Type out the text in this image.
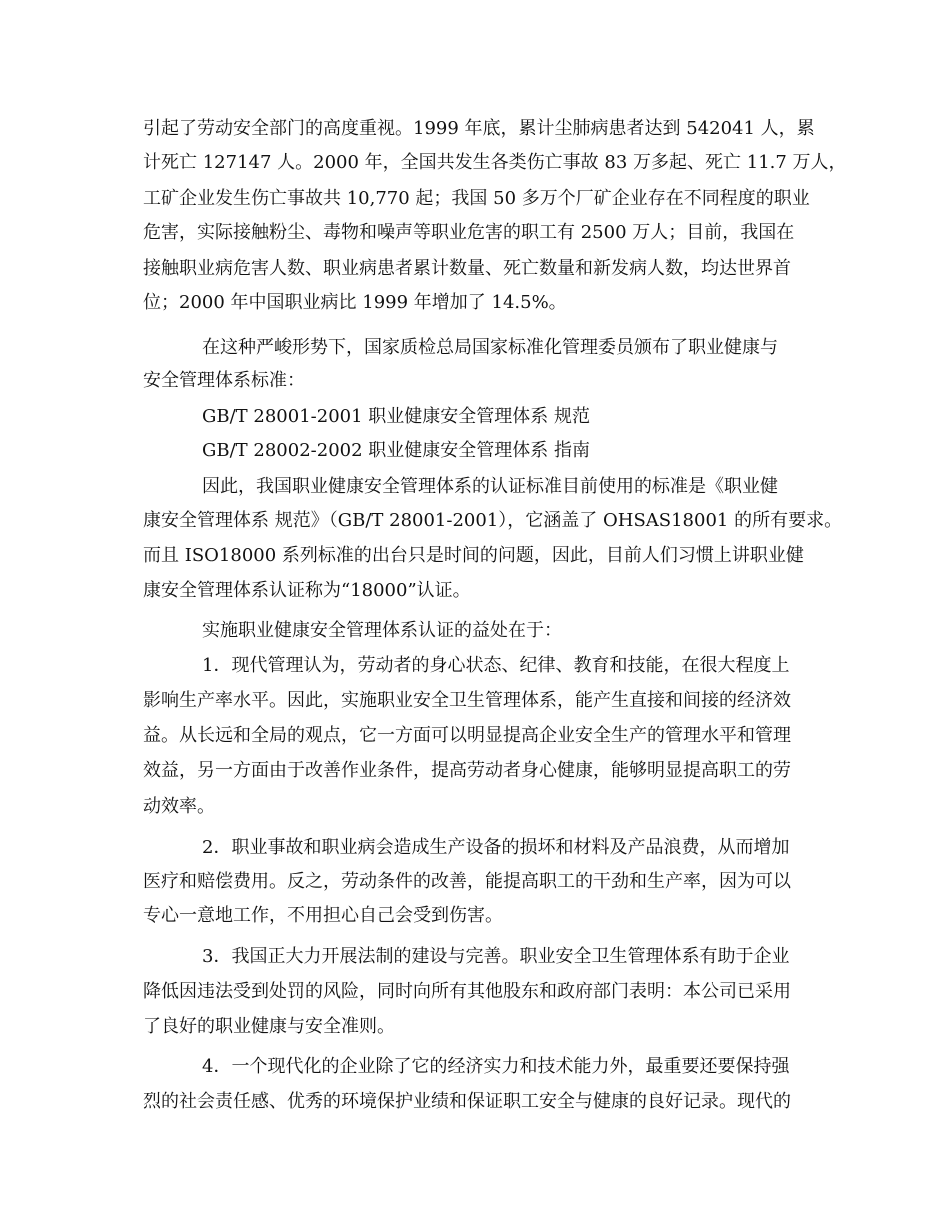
引起了劳动安全部门的高度重视。1999 年底，累计尘肺病患者达到 542041 人，累
计死亡 127147 人。2000 年，全国共发生各类伤亡事故 83 万多起、死亡 11.7 万人，
工矿企业发生伤亡事故共 10,770 起；我国 50 多万个厂矿企业存在不同程度的职业
危害，实际接触粉尘、毒物和噪声等职业危害的职工有 2500 万人；目前，我国在
接触职业病危害人数、职业病患者累计数量、死亡数量和新发病人数，均达世界首
位；2000 年中国职业病比 1999 年增加了 14.5%。
在这种严峻形势下，国家质检总局国家标准化管理委员颁布了职业健康与
安全管理体系标准：
GB/T 28001-2001 职业健康安全管理体系 规范
GB/T 28002-2002 职业健康安全管理体系 指南
因此，我国职业健康安全管理体系的认证标准目前使用的标准是《职业健
康安全管理体系 规范》（GB/T 28001-2001），它涵盖了 OHSAS18001 的所有要求。
而且 ISO18000 系列标准的出台只是时间的问题，因此，目前人们习惯上讲职业健
康安全管理体系认证称为“18000”认证。
实施职业健康安全管理体系认证的益处在于：
1．现代管理认为，劳动者的身心状态、纪律、教育和技能，在很大程度上
影响生产率水平。因此，实施职业安全卫生管理体系，能产生直接和间接的经济效
益。从长远和全局的观点，它一方面可以明显提高企业安全生产的管理水平和管理
效益，另一方面由于改善作业条件，提高劳动者身心健康，能够明显提高职工的劳
动效率。
2．职业事故和职业病会造成生产设备的损坏和材料及产品浪费，从而增加
医疗和赔偿费用。反之，劳动条件的改善，能提高职工的干劲和生产率，因为可以
专心一意地工作，不用担心自己会受到伤害。
3．我国正大力开展法制的建设与完善。职业安全卫生管理体系有助于企业
降低因违法受到处罚的风险，同时向所有其他股东和政府部门表明：本公司已采用
了良好的职业健康与安全准则。
4．一个现代化的企业除了它的经济实力和技术能力外，最重要还要保持强
烈的社会责任感、优秀的环境保护业绩和保证职工安全与健康的良好记录。现代的
